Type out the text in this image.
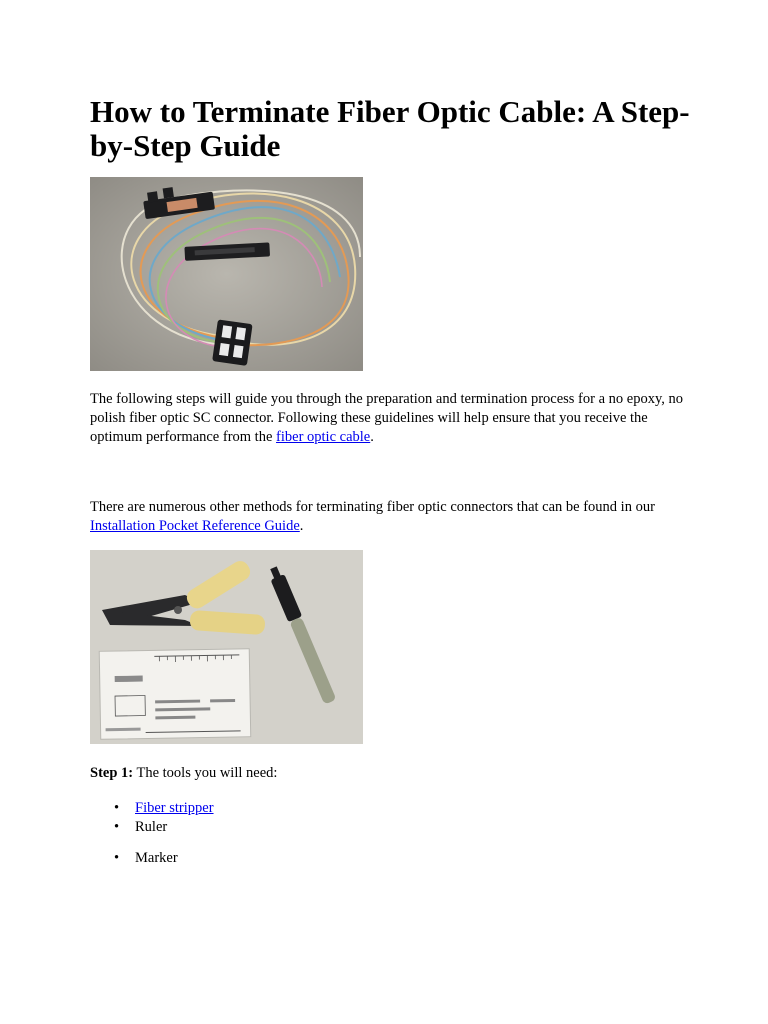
How to Terminate Fiber Optic Cable: A Step-by-Step Guide

The following steps will guide you through the preparation and termination process for a no epoxy, no polish fiber optic SC connector. Following these guidelines will help ensure that you receive the optimum performance from the fiber optic cable.

There are numerous other methods for terminating fiber optic connectors that can be found in our Installation Pocket Reference Guide.

Step 1: The tools you will need:

• Fiber stripper
• Ruler
• Marker
